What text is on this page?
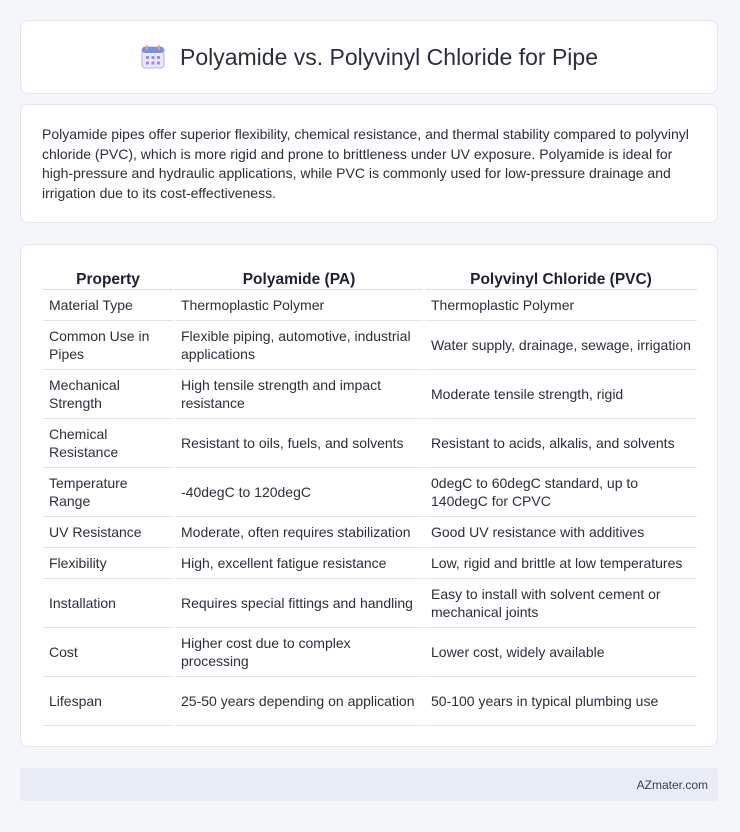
Polyamide vs. Polyvinyl Chloride for Pipe

Polyamide pipes offer superior flexibility, chemical resistance, and thermal stability compared to polyvinyl chloride (PVC), which is more rigid and prone to brittleness under UV exposure. Polyamide is ideal for high-pressure and hydraulic applications, while PVC is commonly used for low-pressure drainage and irrigation due to its cost-effectiveness.

Property	Polyamide (PA)	Polyvinyl Chloride (PVC)
Material Type	Thermoplastic Polymer	Thermoplastic Polymer
Common Use in Pipes	Flexible piping, automotive, industrial applications	Water supply, drainage, sewage, irrigation
Mechanical Strength	High tensile strength and impact resistance	Moderate tensile strength, rigid
Chemical Resistance	Resistant to oils, fuels, and solvents	Resistant to acids, alkalis, and solvents
Temperature Range	-40degC to 120degC	0degC to 60degC standard, up to 140degC for CPVC
UV Resistance	Moderate, often requires stabilization	Good UV resistance with additives
Flexibility	High, excellent fatigue resistance	Low, rigid and brittle at low temperatures
Installation	Requires special fittings and handling	Easy to install with solvent cement or mechanical joints
Cost	Higher cost due to complex processing	Lower cost, widely available
Lifespan	25-50 years depending on application	50-100 years in typical plumbing use
AZmater.com
